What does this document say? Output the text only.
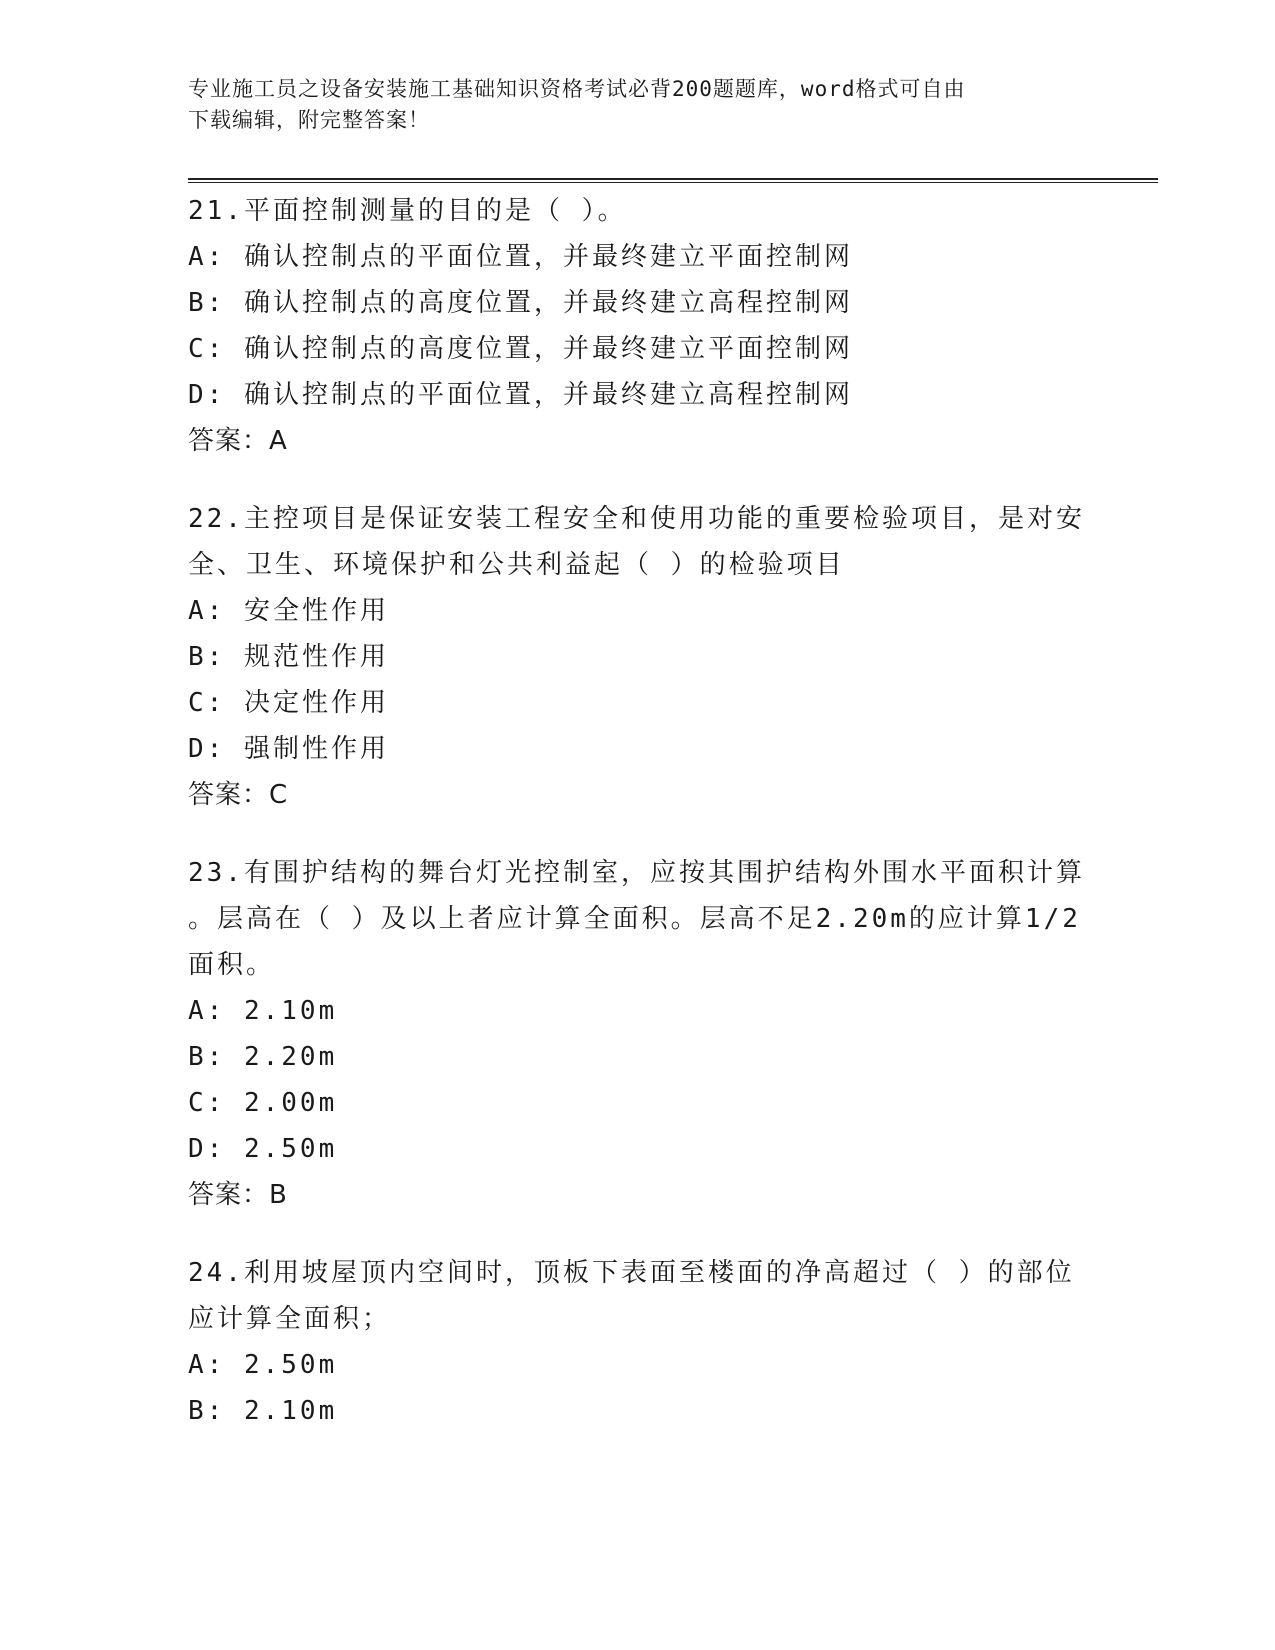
专业施工员之设备安装施工基础知识资格考试必背200题题库，word格式可自由
下载编辑，附完整答案！
21.平面控制测量的目的是（ ）。
A: 确认控制点的平面位置，并最终建立平面控制网
B: 确认控制点的高度位置，并最终建立高程控制网
C: 确认控制点的高度位置，并最终建立平面控制网
D: 确认控制点的平面位置，并最终建立高程控制网
答案：A
22.主控项目是保证安装工程安全和使用功能的重要检验项目，是对安
全、卫生、环境保护和公共利益起（ ）的检验项目
A: 安全性作用
B: 规范性作用
C: 决定性作用
D: 强制性作用
答案：C
23.有围护结构的舞台灯光控制室，应按其围护结构外围水平面积计算
。层高在（ ）及以上者应计算全面积。层高不足2.20m的应计算1/2
面积。
A: 2.10m
B: 2.20m
C: 2.00m
D: 2.50m
答案：B
24.利用坡屋顶内空间时，顶板下表面至楼面的净高超过（ ）的部位
应计算全面积；
A: 2.50m
B: 2.10m
